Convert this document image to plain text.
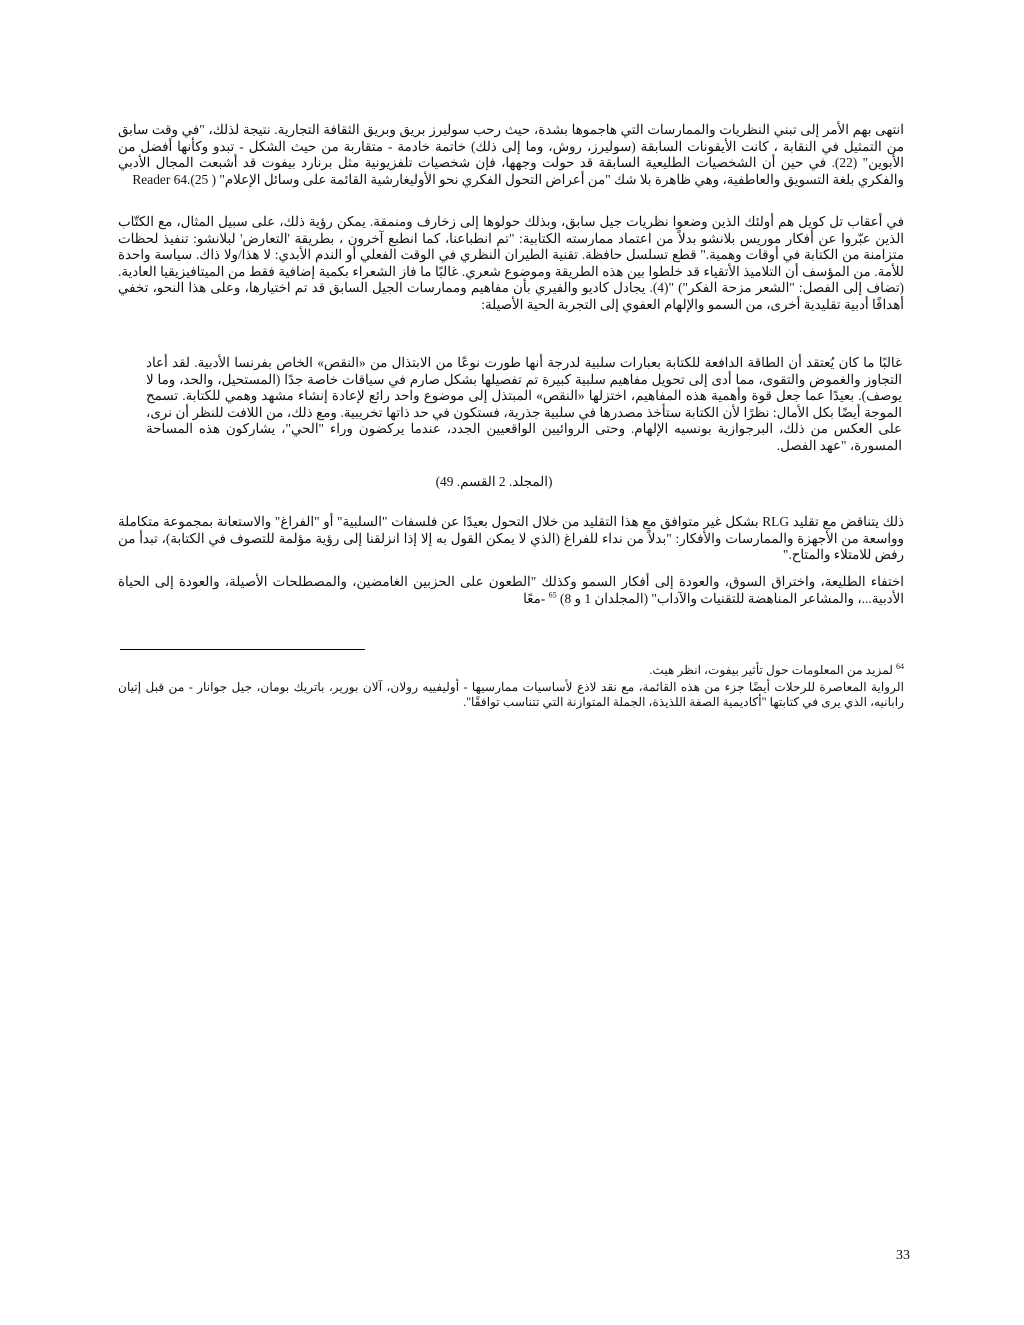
انتهى بهم الأمر إلى تبني النظريات والممارسات التي هاجموها بشدة، حيث رحب سوليرز بريق وبريق الثقافة التجارية. نتيجة لذلك، "في وقت سابق من التمثيل في النقابة ، كانت الأيقونات السابقة (سوليرز، روش، وما إلى ذلك) خاتمة خادمة - متقاربة من حيث الشكل - تبدو وكأنها أفضل من الأبوين" (22). في حين أن الشخصيات الطليعية السابقة قد حولت وجهها، فإن شخصيات تلفزيونية مثل برنارد بيفوت قد أشبعت المجال الأدبي والفكري بلغة التسويق والعاطفية، وهي ظاهرة بلا شك "من أعراض التحول الفكري نحو الأوليغارشية القائمة على وسائل الإعلام" ( Reader 64.(25

في أعقاب تل كويل هم أولئك الذين وضعوا نظريات جيل سابق، وبذلك حولوها إلى زخارف ومنمقة. يمكن رؤية ذلك، على سبيل المثال، مع الكتّاب الذين عبّروا عن أفكار موريس بلانشو بدلاً من اعتماد ممارسته الكتابية: "تم انطباعنا، كما انطبع آخرون ، بطريقة 'التعارض' لبلانشو: تنفيذ لحظات متزامنة من الكتابة في أوقات وهمية." قطع تسلسل حافظة. تقنية الطيران النظري في الوقت الفعلي أو الندم الأبدي: لا هذا/ولا ذاك. سياسة واحدة للأمة. من المؤسف أن التلاميذ الأتقياء قد خلطوا بين هذه الطريقة وموضوع شعري. غالبًا ما فاز الشعراء بكمية إضافية فقط من الميتافيزيقيا العادية. (تضاف إلى الفصل: "الشعر مزحة الفكر") "(4). يجادل كاديو والفيري بأن مفاهيم وممارسات الجيل السابق قد تم اختيارها، وعلى هذا النحو، تخفي أهدافًا أدبية تقليدية أخرى، من السمو والإلهام العفوي إلى التجربة الحية الأصيلة:

غالبًا ما كان يُعتقد أن الطاقة الدافعة للكتابة بعبارات سلبية لدرجة أنها طورت نوعًا من الابتذال من «النقص» الخاص بفرنسا الأدبية. لقد أعاد التجاوز والغموض والتقوى، مما أدى إلى تحويل مفاهيم سلبية كبيرة تم تفصيلها بشكل صارم في سياقات خاصة جدًا (المستحيل، والحد، وما لا يوصف). بعيدًا عما جعل قوة وأهمية هذه المفاهيم، اختزلها «النقص» المبتذل إلى موضوع واحد رائع لإعادة إنشاء مشهد وهمي للكتابة. تسمح الموجة أيضًا بكل الأمال: نظرًا لأن الكتابة ستأخذ مصدرها في سلبية جذرية، فستكون في حد ذاتها تخريبية. ومع ذلك، من اللافت للنظر أن نرى، على العكس من ذلك، البرجوازية بونسيه الإلهام. وحتى الروائيين الواقعيين الجدد، عندما يركضون وراء "الحي"، يشاركون هذه المساحة المسورة، "عهد الفصل.

(المجلد. 2 القسم. 49)

ذلك يتناقض مع تقليد RLG بشكل غير متوافق مع هذا التقليد من خلال التحول بعيدًا عن فلسفات "السلبية" أو "الفراغ" والاستعانة بمجموعة متكاملة وواسعة من الأجهزة والممارسات والأفكار: "بدلاً من نداء للفراغ (الذي لا يمكن القول به إلا إذا انزلقنا إلى رؤية مؤلمة للتصوف في الكتابة)، تبدأ من رفض للامتلاء والمتاح."

اختفاء الطليعة، واختراق السوق، والعودة إلى أفكار السمو وكذلك "الطعون على الحزبين الغامضين، والمصطلحات الأصيلة، والعودة إلى الحياة الأدبية...، والمشاعر المناهضة للتقنيات والآداب" (المجلدان 1 و 8) $^{65}$ -معًا

$^{64}$ لمزيد من المعلومات حول تأثير بيفوت، انظر هيث.

الرواية المعاصرة للرحلات أيضًا جزء من هذه القائمة، مع نقد لاذع لأساسيات ممارسيها - أوليفييه رولان، آلان بورير، باتريك بومان، جيل جوانار - من قبل إتيان رابانيه، الذي يرى في كتابتها "أكاديمية الصفة اللذيذة، الجملة المتوازنة التي تتناسب توافقًا".

33
